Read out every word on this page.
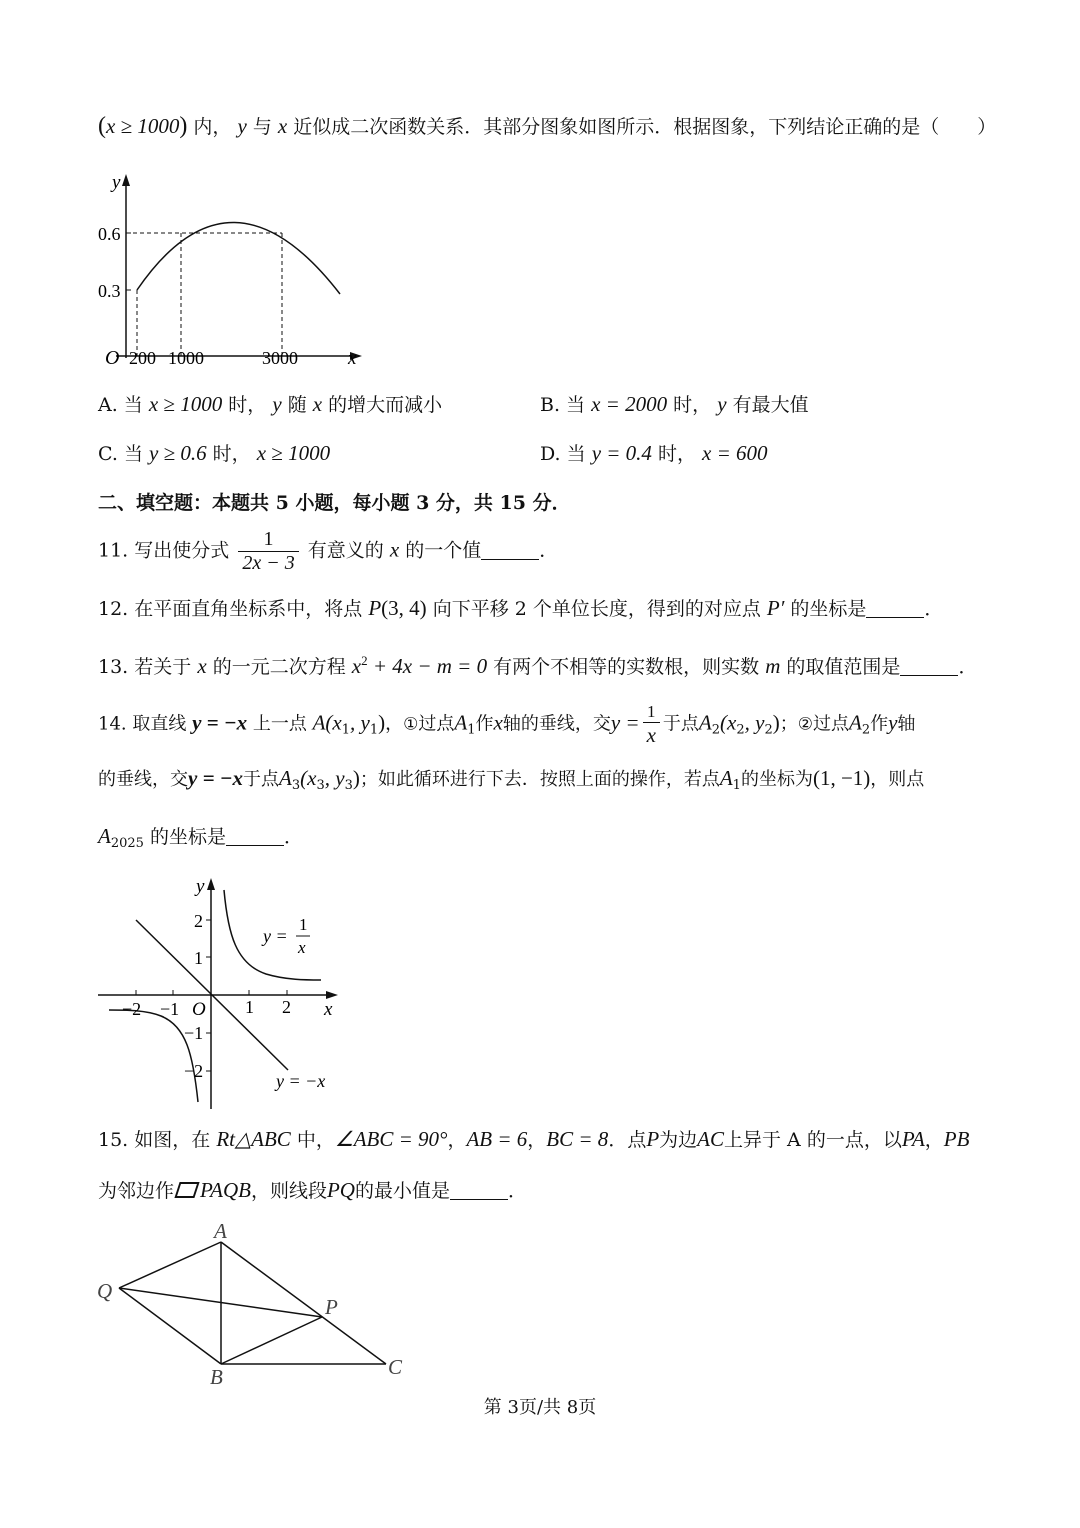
(x ≥ 1000) 内， y 与 x 近似成二次函数关系．其部分图象如图所示．根据图象，下列结论正确的是（　　）
y
x
O
0.6
0.3
200 1000	3000
A. 当 x ≥ 1000 时， y 随 x 的增大而减小	B. 当 x = 2000 时， y 有最大值
C. 当 y ≥ 0.6 时， x ≥ 1000	D. 当 y = 0.4 时， x = 600
二、填空题：本题共 5 小题，每小题 3 分，共 15 分．
11. 写出使分式 $\frac{1}{2x - 3}$ 有意义的 x 的一个值	．
12. 在平面直角坐标系中，将点 P(3, 4) 向下平移 2 个单位长度，得到的对应点 P′ 的坐标是	．
13. 若关于 x 的一元二次方程 $x^2 + 4x - m = 0$ 有两个不相等的实数根，则实数 m 的取值范围是	．
14. 取直线 y = −x 上一点 $A(x_1$, $y_1$)，①过点$A_1$作x轴的垂线，交$y = \frac{1}{x}$ 于点$A_2(x_2$, $y_2$)；②过点$A_2$作y轴
的垂线，交y = −x于点$A_3(x_3$, $y_3$)；如此循环进行下去．按照上面的操作，若点$A_1$的坐标为(1, −1)，则点
$A_{2025}$ 的坐标是	．
y
x
O
2
1
−1
−2
−2 −1	1 2
y =
1
x
y = −x
15. 如图，在 Rt△ABC 中，∠ABC = 90°，AB = 6，BC = 8．点P为边AC上异于 A 的一点，以PA，PB
为邻边作 PAQB，则线段PQ的最小值是	．
A
B	C
P
Q
第 3页/共 8页
